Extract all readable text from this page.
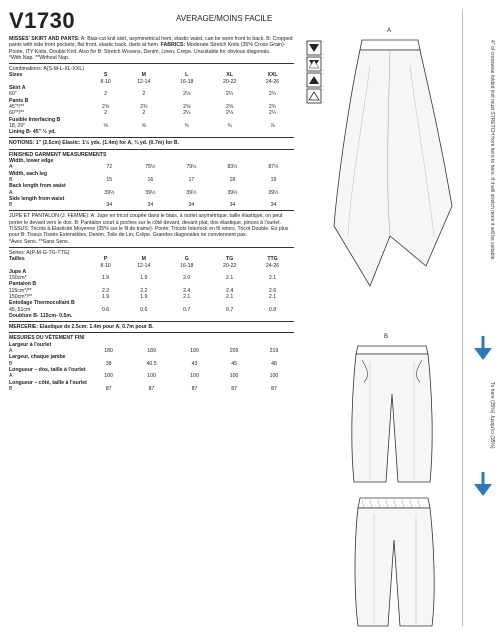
V1730	AVERAGE/MOINS FACILE
MISSES' SKIRT AND PANTS: A: Bias-cut knit skirt, asymmetrical hem, elastic waist, can be worn front to back. B: Cropped pants with side front pockets, flat front, elastic back, darts at hem. FABRICS: Moderate Stretch Knits (35% Cross Grain)- Ponte, ITY Knits, Double Knit. Also for B: Stretch Wovens, Denim, Linen, Crepe. Unsuitable for obvious diagonals.
*With Nap. **Without Nap.
Combinations: A(S-M-L-XL-XXL)
Sizes	S	M	L	XL	XXL
	8-10	12-14	16-18	20-22	24-26
Skirt A					
60"	2	2	2⅛	2¼	2¼
Pants B					
45"*/**	2⅝	2¾	2⅝	2⅝	2¾
60"*/**	2	2	2¼	2¼	2¼
Fusible Interfacing B					
18, 20"	⅝	⅝	¾	¾	⅞
Lining B- 45" ½ yd.					
NOTIONS: 1" (2.5cm) Elastic: 1½ yds. (1.4m) for A, ¾ yd. (0.7m) for B.
FINISHED GARMENT MEASUREMENTS
Width, lower edge					
A	72	75½	79½	83½	87½
Width, each leg					
B	15	16	17	18	19
Back length from waist					
A	39½	39½	39½	39½	39½
Side length from waist					
B	34	34	34	34	34
JUPE ET PANTALON (J. FEMME): A: Jupe en tricot coupée dans le biais, à ourlet asymétrique, taille élastique, on peut porter le devant vers le dos. B: Pantalon court à poches sur le côté devant, devant plat, dos élastique, pinces à l'ourlet. TISSUS: Tricots à Elasticité Moyenne (35% sur le fil de trame)- Ponte, Tricots Interlock en fil retors, Tricot Double. En plus pour B: Tissus Tissés Extensibles, Denim, Toile de Lin, Crêpe. Grandes diagonales ne conviennent pas.
*Avec Sens. **Sans Sens.
Series: A(P-M-G-TG-TTG)
Tailles	P	M	G	TG	TTG
	8-10	12-14	16-18	20-22	24-26
Jupe A					
150cm*	1.9	1.9	2.0	2.1	2.1
Pantalon B					
115cm*/**	2.2	2.2	2.4	2.4	2.6
150cm*/**	1.9	1.9	2.1	2.1	2.1
Entoilage Thermocollant B					
45, 51cm	0.6	0.6	0.7	0.7	0.8
Doublure B- 115cm- 0.5m.					
MERCERIE: Elastique de 2.5cm: 1.4m pour A, 0.7m pour B.
MESURES DU VÊTEMENT FINI
Largeur à l'ourlet					
A	180	189	199	209	219
Largeur, chaque jambe					
B	38	40.5	43	45	48
Longueur – dos, taille à l'ourlet					
A	100	100	100	100	100
Longueur – côté, taille à l'ourlet					
B	87	87	87	87	87
A
B
4" of crosswise folded knit must STRETCH from here to here. If it will stretch more it will be suitable.
To here (35%) Jusqu'ici (35%)
